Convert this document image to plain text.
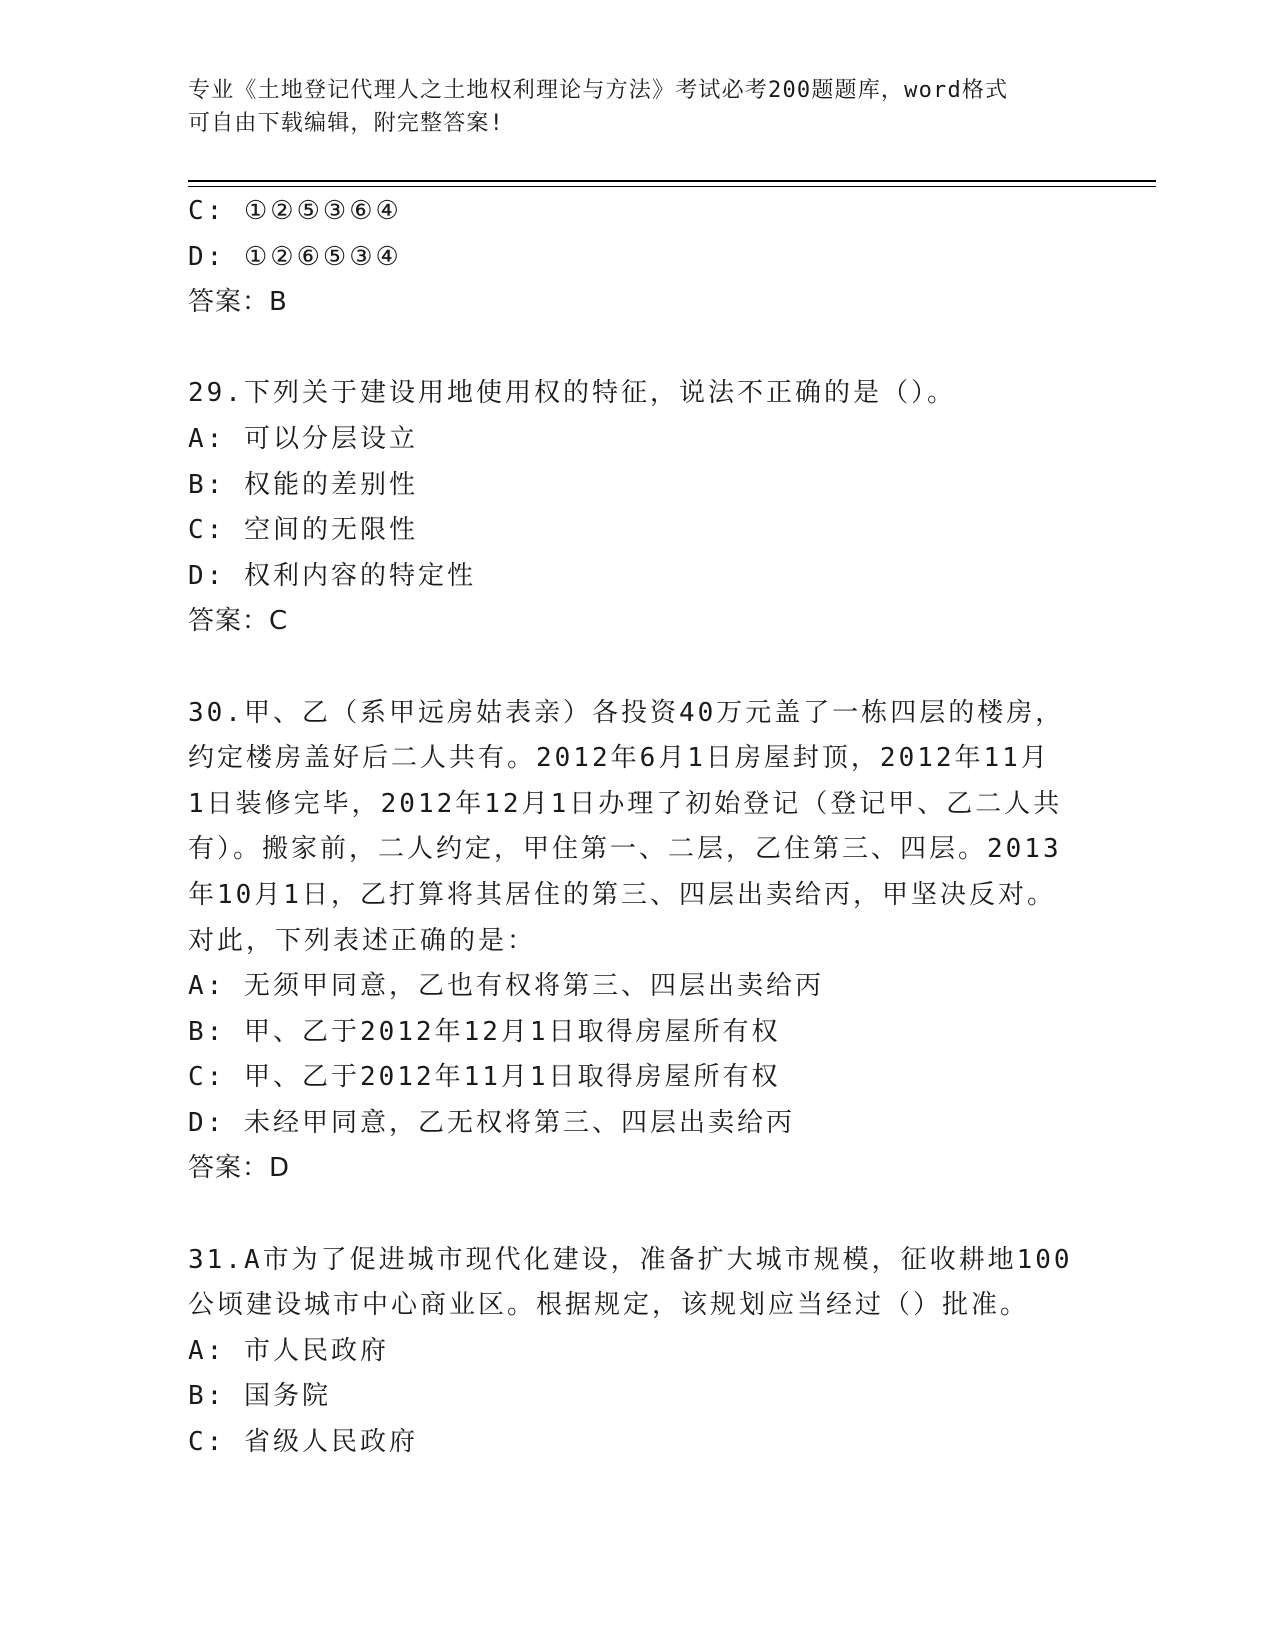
专业《土地登记代理人之土地权利理论与方法》考试必考200题题库，word格式
可自由下载编辑，附完整答案!
C: ①②⑤③⑥④
D: ①②⑥⑤③④
答案：B
29.下列关于建设用地使用权的特征，说法不正确的是（）。
A: 可以分层设立
B: 权能的差别性
C: 空间的无限性
D: 权利内容的特定性
答案：C
30.甲、乙（系甲远房姑表亲）各投资40万元盖了一栋四层的楼房，
约定楼房盖好后二人共有。2012年6月1日房屋封顶，2012年11月
1日装修完毕，2012年12月1日办理了初始登记（登记甲、乙二人共
有）。搬家前，二人约定，甲住第一、二层，乙住第三、四层。2013
年10月1日，乙打算将其居住的第三、四层出卖给丙，甲坚决反对。
对此，下列表述正确的是：
A: 无须甲同意，乙也有权将第三、四层出卖给丙
B: 甲、乙于2012年12月1日取得房屋所有权
C: 甲、乙于2012年11月1日取得房屋所有权
D: 未经甲同意，乙无权将第三、四层出卖给丙
答案：D
31.A市为了促进城市现代化建设，准备扩大城市规模，征收耕地100
公顷建设城市中心商业区。根据规定，该规划应当经过（）批准。
A: 市人民政府
B: 国务院
C: 省级人民政府
